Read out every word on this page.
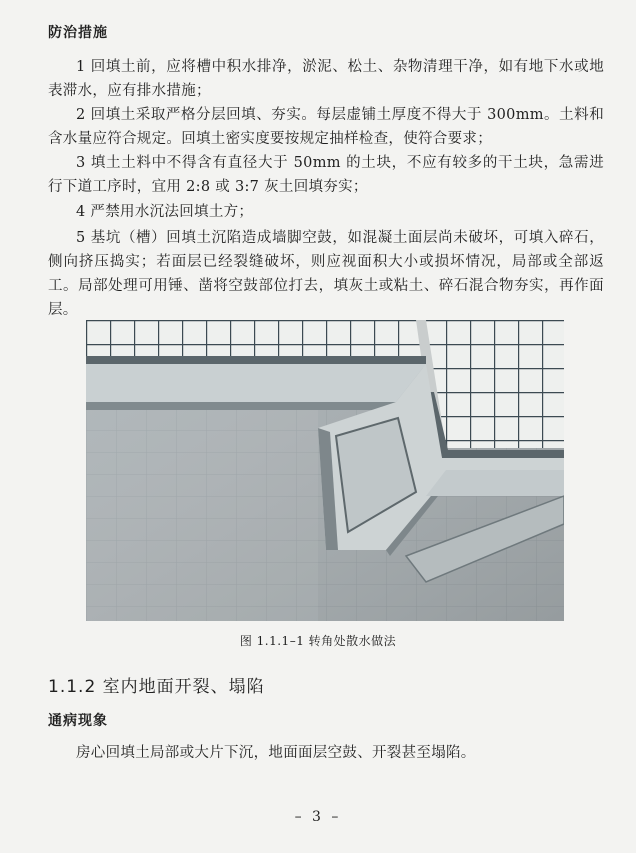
防治措施

1 回填土前，应将槽中积水排净，淤泥、松土、杂物清理干净，如有地下水或地表滞水，应有排水措施；

2 回填土采取严格分层回填、夯实。每层虚铺土厚度不得大于 300mm。土料和含水量应符合规定。回填土密实度要按规定抽样检查，使符合要求；

3 填土土料中不得含有直径大于 50mm 的土块，不应有较多的干土块，急需进行下道工序时，宜用 2:8 或 3:7 灰土回填夯实；

4 严禁用水沉法回填土方；

5 基坑（槽）回填土沉陷造成墙脚空鼓，如混凝土面层尚未破坏，可填入碎石，侧向挤压捣实；若面层已经裂缝破坏，则应视面积大小或损坏情况，局部或全部返工。局部处理可用锤、凿将空鼓部位打去，填灰土或粘土、碎石混合物夯实，再作面层。

图 1.1.1–1 转角处散水做法
1.1.2 室内地面开裂、塌陷
通病现象

房心回填土局部或大片下沉，地面面层空鼓、开裂甚至塌陷。

– 3 –
